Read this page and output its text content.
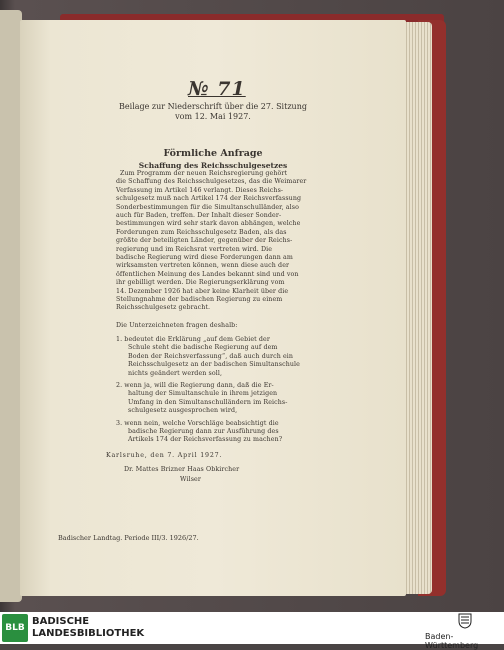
№ 71
Beilage zur Niederschrift über die 27. Sitzung
vom 12. Mai 1927.
Förmliche Anfrage
Schaffung des Reichsschulgesetzes
Zum Programm der neuen Reichsregierung gehört
die Schaffung des Reichsschulgesetzes, das die Weimarer
Verfassung im Artikel 146 verlangt. Dieses Reichs-
schulgesetz muß nach Artikel 174 der Reichsverfassung
Sonderbestimmungen für die Simultanschulländer, also
auch für Baden, treffen. Der Inhalt dieser Sonder-
bestimmungen wird sehr stark davon abhängen, welche
Forderungen zum Reichsschulgesetz Baden, als das
größte der beteiligten Länder, gegenüber der Reichs-
regierung und im Reichsrat vertreten wird. Die
badische Regierung wird diese Forderungen dann am
wirksamsten vertreten können, wenn diese auch der
öffentlichen Meinung des Landes bekannt sind und von
ihr gebilligt werden. Die Regierungserklärung vom
14. Dezember 1926 hat aber keine Klarheit über die
Stellungnahme der badischen Regierung zu einem
Reichsschulgesetz gebracht.
Die Unterzeichneten fragen deshalb:
1. bedeutet die Erklärung „auf dem Gebiet der
Schule steht die badische Regierung auf dem
Boden der Reichsverfassung“, daß auch durch ein
Reichsschulgesetz an der badischen Simultanschule
nichts geändert werden soll,
2. wenn ja, will die Regierung dann, daß die Er-
haltung der Simultanschule in ihrem jetzigen
Umfang in den Simultanschulländern im Reichs-
schulgesetz ausgesprochen wird,
3. wenn nein, welche Vorschläge beabsichtigt die
badische Regierung dann zur Ausführung des
Artikels 174 der Reichsverfassung zu machen?
Karlsruhe, den 7. April 1927.
Dr. Mattes Brizner Haas Obkircher
Wilser
Badischer Landtag. Periode III/3. 1926/27.
BLB
BADISCHE
LANDESBIBLIOTHEK	Baden-Württemberg
